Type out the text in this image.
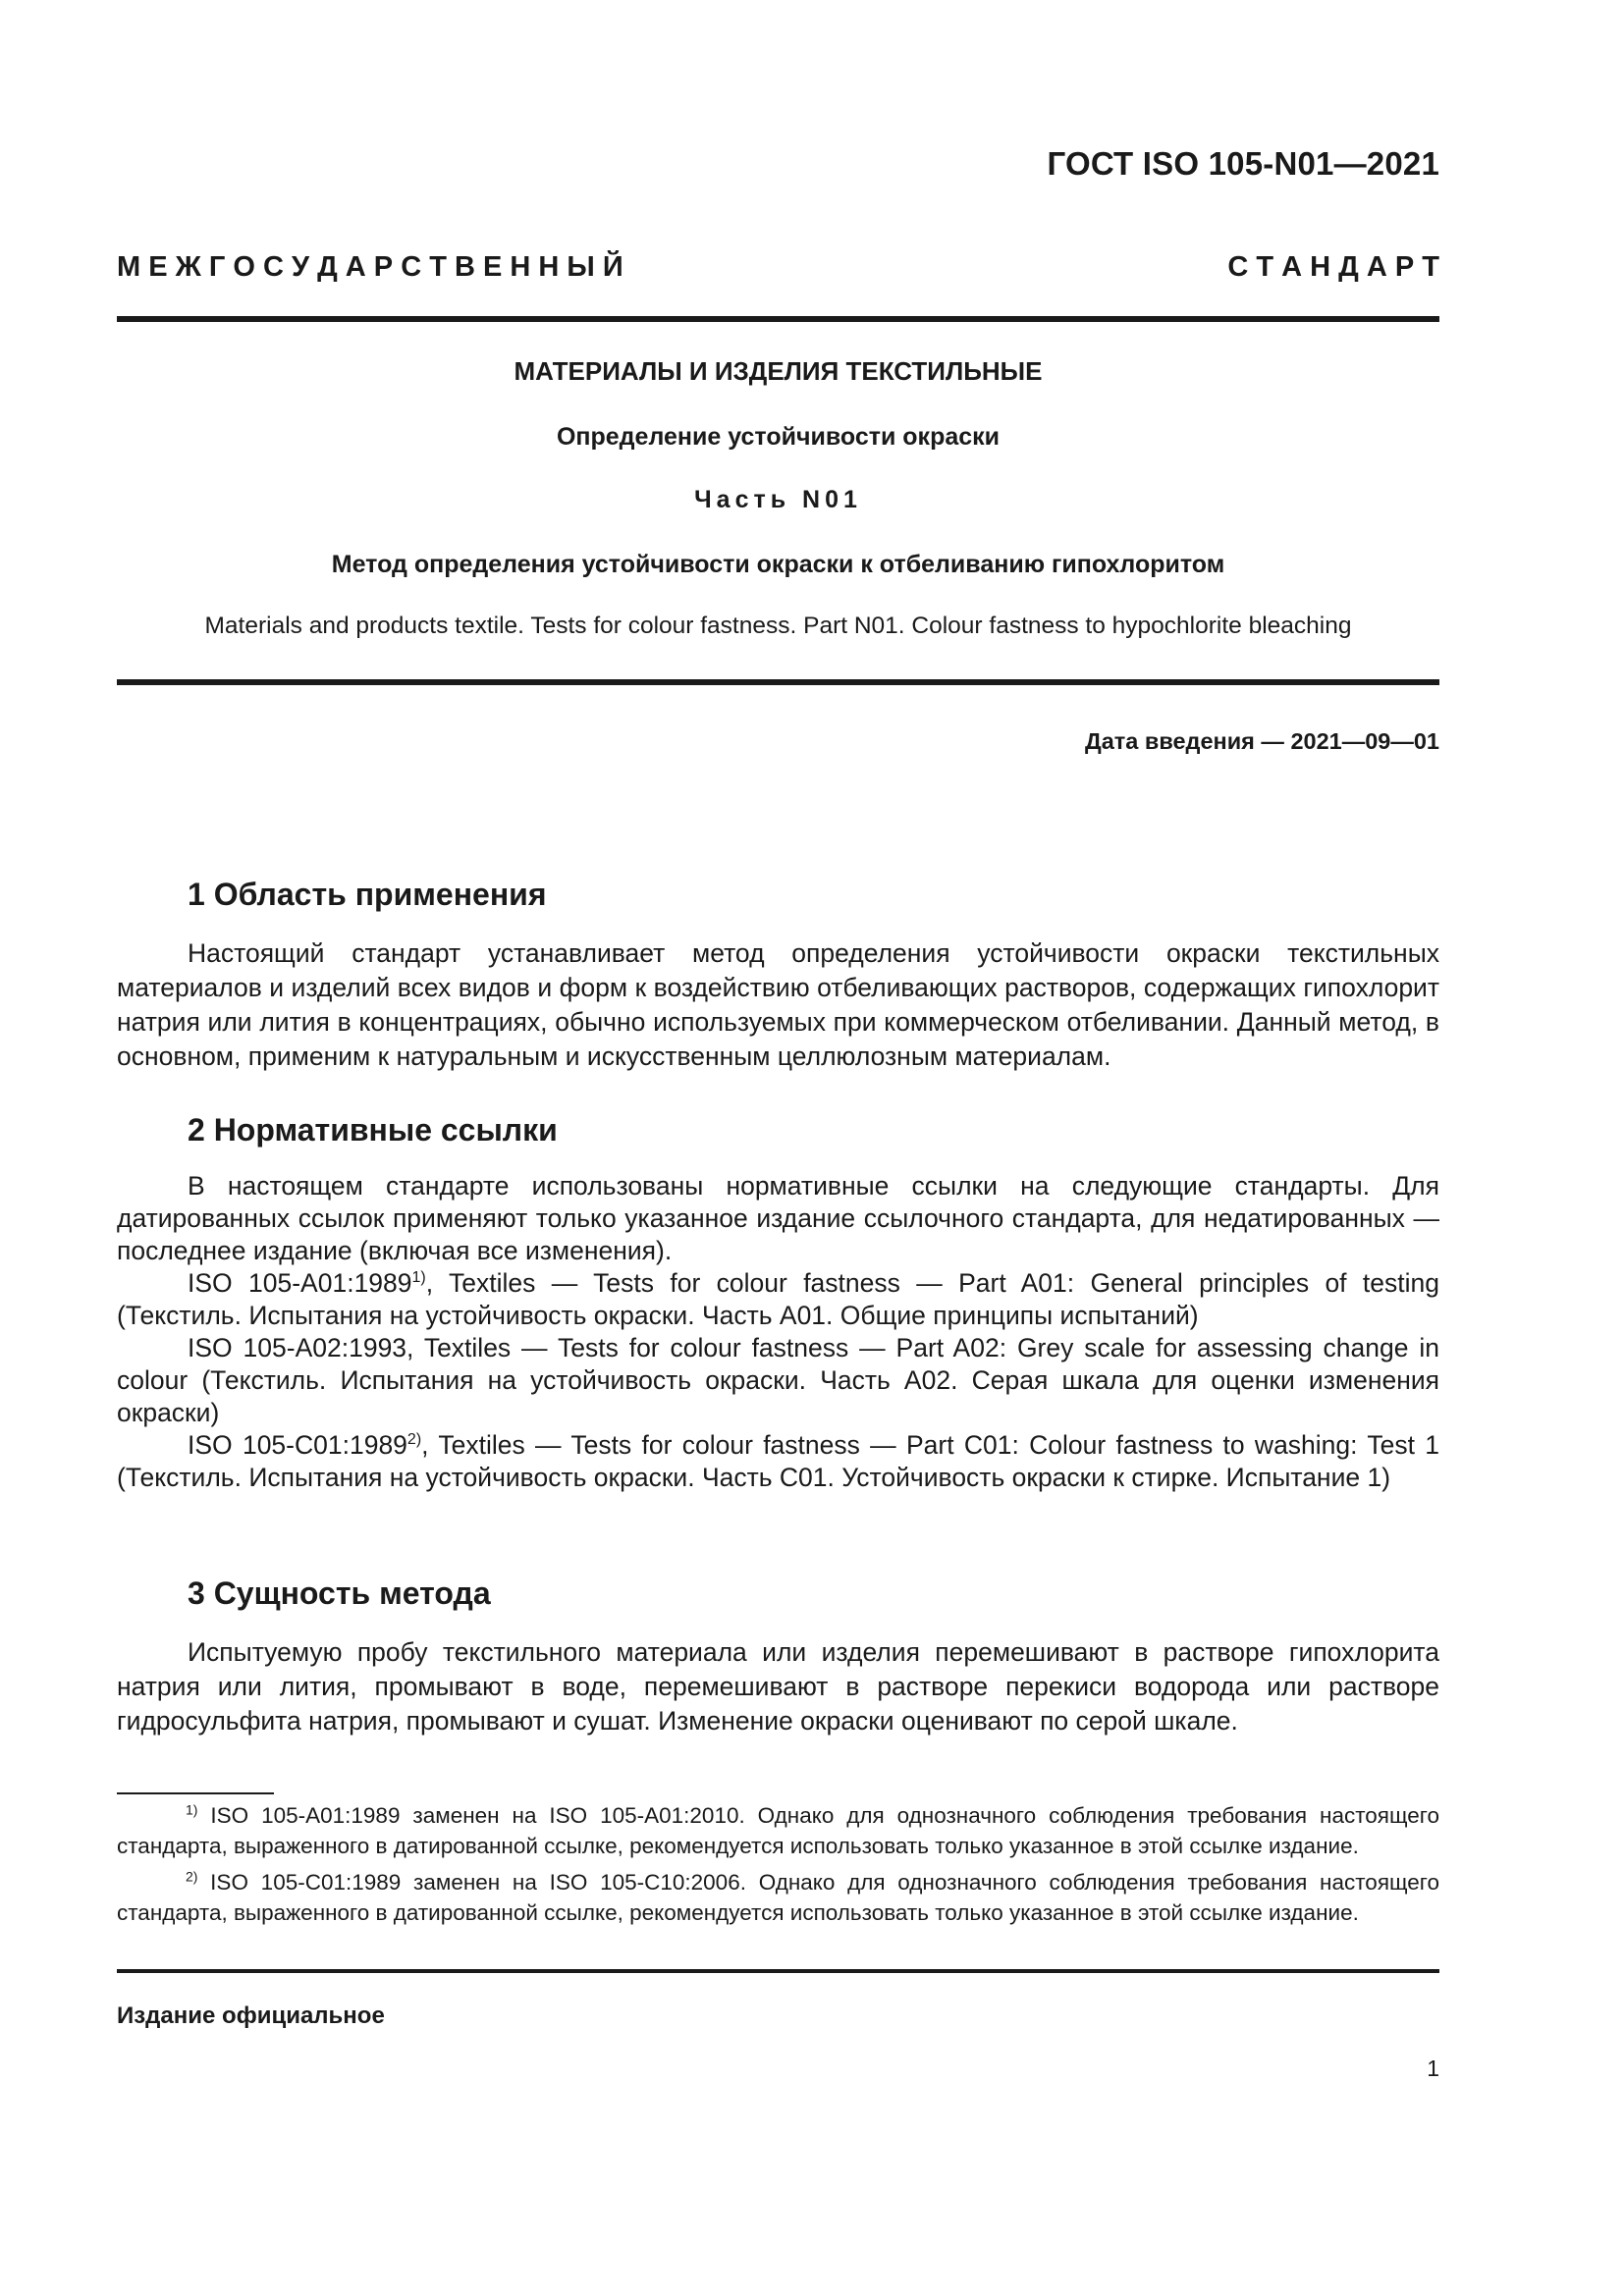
ГОСТ ISO 105-N01—2021
М Е Ж Г О С У Д А Р С Т В Е Н Н Ы Й	С Т А Н Д А Р Т
МАТЕРИАЛЫ И ИЗДЕЛИЯ ТЕКСТИЛЬНЫЕ
Определение устойчивости окраски
Часть N01
Метод определения устойчивости окраски к отбеливанию гипохлоритом
Materials and products textile. Tests for colour fastness. Part N01. Colour fastness to hypochlorite bleaching
Дата введения — 2021—09—01
1 Область применения

Настоящий стандарт устанавливает метод определения устойчивости окраски текстильных материалов и изделий всех видов и форм к воздействию отбеливающих растворов, содержащих гипохлорит натрия или лития в концентрациях, обычно используемых при коммерческом отбеливании. Данный метод, в основном, применим к натуральным и искусственным целлюлозным материалам.

2 Нормативные ссылки

В настоящем стандарте использованы нормативные ссылки на следующие стандарты. Для датированных ссылок применяют только указанное издание ссылочного стандарта, для недатированных — последнее издание (включая все изменения).

ISO 105-A01:1989$^{1)}$, Textiles — Tests for colour fastness — Part A01: General principles of testing (Текстиль. Испытания на устойчивость окраски. Часть A01. Общие принципы испытаний)

ISO 105-A02:1993, Textiles — Tests for colour fastness — Part A02: Grey scale for assessing change in colour (Текстиль. Испытания на устойчивость окраски. Часть A02. Серая шкала для оценки изменения окраски)

ISO 105-C01:1989$^{2)}$, Textiles — Tests for colour fastness — Part C01: Colour fastness to washing: Test 1 (Текстиль. Испытания на устойчивость окраски. Часть C01. Устойчивость окраски к стирке. Испытание 1)

3 Сущность метода

Испытуемую пробу текстильного материала или изделия перемешивают в растворе гипохлорита натрия или лития, промывают в воде, перемешивают в растворе перекиси водорода или растворе гидросульфита натрия, промывают и сушат. Изменение окраски оценивают по серой шкале.

$^{1)}$ ISO 105-A01:1989 заменен на ISO 105-A01:2010. Однако для однозначного соблюдения требования настоящего стандарта, выраженного в датированной ссылке, рекомендуется использовать только указанное в этой ссылке издание.

$^{2)}$ ISO 105-C01:1989 заменен на ISO 105-C10:2006. Однако для однозначного соблюдения требования настоящего стандарта, выраженного в датированной ссылке, рекомендуется использовать только указанное в этой ссылке издание.

Издание официальное
1
